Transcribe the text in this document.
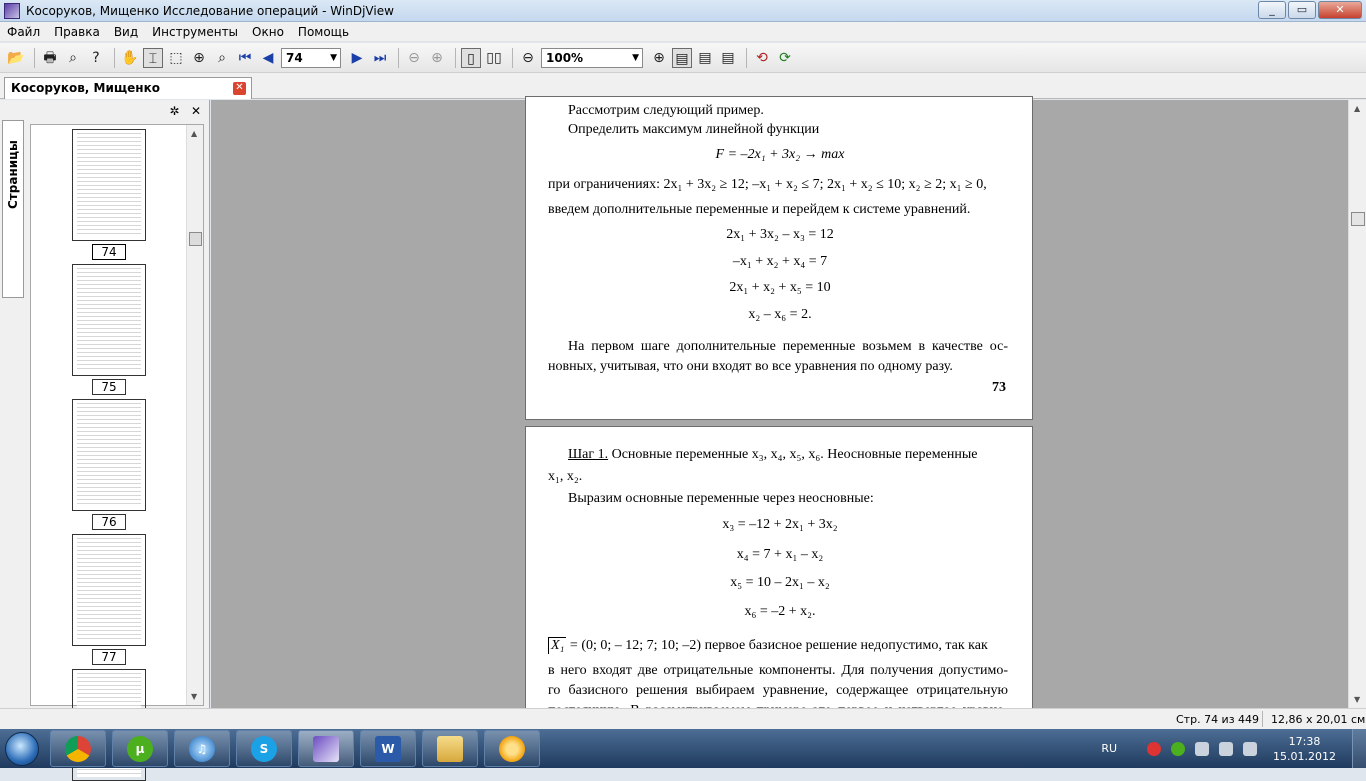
Косоруков, Мищенко Исследование операций - WinDjView	_	▭	✕
Файл	Правка	Вид	Инструменты	Окно	Помощь
📂 🖶 ⌕	?	✋ ⌶ ⬚ ⊕ ⌕ ⏮ ◀	74	▼	▶ ⏭ ⊖ ⊕	▯ ▯▯ ⊖	100%	▼ ⊕ ▤ ▤ ▤ ⟲ ⟳
Косоруков, Мищенко	✕
Страницы
✲ ✕
74
75
76
77
▲
▼
Рассмотрим следующий пример.
Определить максимум линейной функции
F = –2x₁ + 3x₂ → max
при ограничениях: 2x₁ + 3x₂ ≥ 12; –x₁ + x₂ ≤ 7; 2x₁ + x₂ ≤ 10; x₂ ≥ 2; x₁ ≥ 0,
введем дополнительные переменные и перейдем к системе уравнений.
2x₁ + 3x₂ – x₃ = 12
–x₁ + x₂ + x₄ = 7
2x₁ + x₂ + x₅ = 10
x₂ – x₆ = 2.
На первом шаге дополнительные переменные возьмем в качестве ос-
новных, учитывая, что они входят во все уравнения по одному разу.
73
Шаг 1. Основные переменные x₃, x₄, x₅, x₆. Неосновные переменные
x₁, x₂.
Выразим основные переменные через неосновные:
x₃ = –12 + 2x₁ + 3x₂
x₄ = 7 + x₁ – x₂
x₅ = 10 – 2x₁ – x₂
x₆ = –2 + x₂.
X₁ = (0; 0; – 12; 7; 10; –2) первое базисное решение недопустимо, так как
в него входят две отрицательные компоненты. Для получения допустимо-
го базисного решения выбираем уравнение, содержащее отрицательную
▲
▼
Стр. 74 из 449 12,86 x 20,01 см
µ	♫	S	W	RU
17:38
15.01.2012
